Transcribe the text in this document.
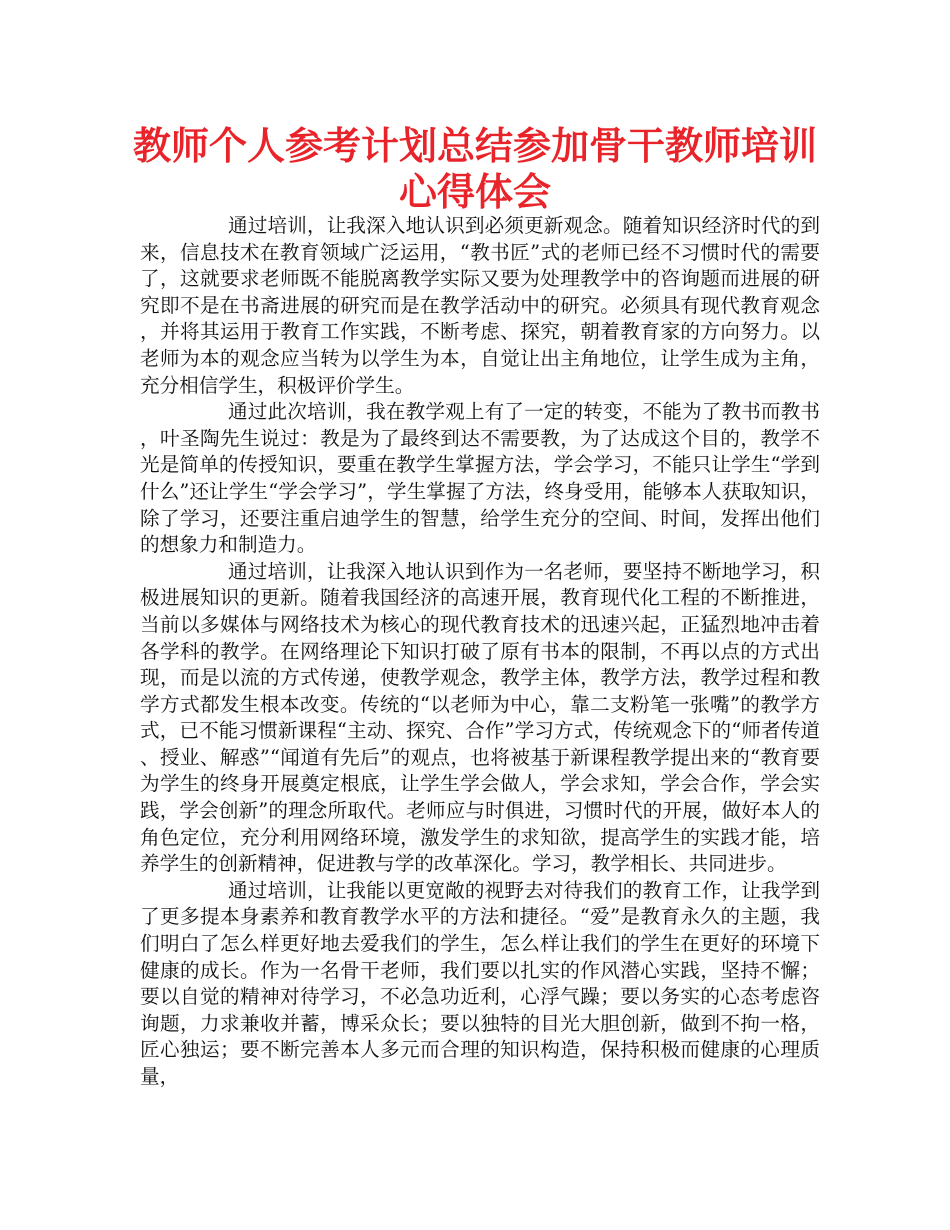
教师个人参考计划总结参加骨干教师培训心得体会

通过培训，让我深入地认识到必须更新观念。随着知识经济时代的到来，信息技术在教育领域广泛运用，“教书匠”式的老师已经不习惯时代的需要了，这就要求老师既不能脱离教学实际又要为处理教学中的咨询题而进展的研究即不是在书斋进展的研究而是在教学活动中的研究。必须具有现代教育观念，并将其运用于教育工作实践，不断考虑、探究，朝着教育家的方向努力。以老师为本的观念应当转为以学生为本，自觉让出主角地位，让学生成为主角，充分相信学生，积极评价学生。

通过此次培训，我在教学观上有了一定的转变，不能为了教书而教书，叶圣陶先生说过：教是为了最终到达不需要教，为了达成这个目的，教学不光是简单的传授知识，要重在教学生掌握方法，学会学习，不能只让学生“学到什么”还让学生“学会学习”，学生掌握了方法，终身受用，能够本人获取知识，除了学习，还要注重启迪学生的智慧，给学生充分的空间、时间，发挥出他们的想象力和制造力。

通过培训，让我深入地认识到作为一名老师，要坚持不断地学习，积极进展知识的更新。随着我国经济的高速开展，教育现代化工程的不断推进，当前以多媒体与网络技术为核心的现代教育技术的迅速兴起，正猛烈地冲击着各学科的教学。在网络理论下知识打破了原有书本的限制，不再以点的方式出现，而是以流的方式传递，使教学观念，教学主体，教学方法，教学过程和教学方式都发生根本改变。传统的“以老师为中心，靠二支粉笔一张嘴”的教学方式，已不能习惯新课程“主动、探究、合作”学习方式，传统观念下的“师者传道、授业、解惑”“闻道有先后”的观点，也将被基于新课程教学提出来的“教育要为学生的终身开展奠定根底，让学生学会做人，学会求知，学会合作，学会实践，学会创新”的理念所取代。老师应与时俱进，习惯时代的开展，做好本人的角色定位，充分利用网络环境，激发学生的求知欲，提高学生的实践才能，培养学生的创新精神，促进教与学的改革深化。学习，教学相长、共同进步。

通过培训，让我能以更宽敞的视野去对待我们的教育工作，让我学到了更多提本身素养和教育教学水平的方法和捷径。“爱”是教育永久的主题，我们明白了怎么样更好地去爱我们的学生，怎么样让我们的学生在更好的环境下健康的成长。作为一名骨干老师，我们要以扎实的作风潜心实践，坚持不懈；要以自觉的精神对待学习，不必急功近利，心浮气躁；要以务实的心态考虑咨询题，力求兼收并蓄，博采众长；要以独特的目光大胆创新，做到不拘一格，匠心独运；要不断完善本人多元而合理的知识构造，保持积极而健康的心理质量，
